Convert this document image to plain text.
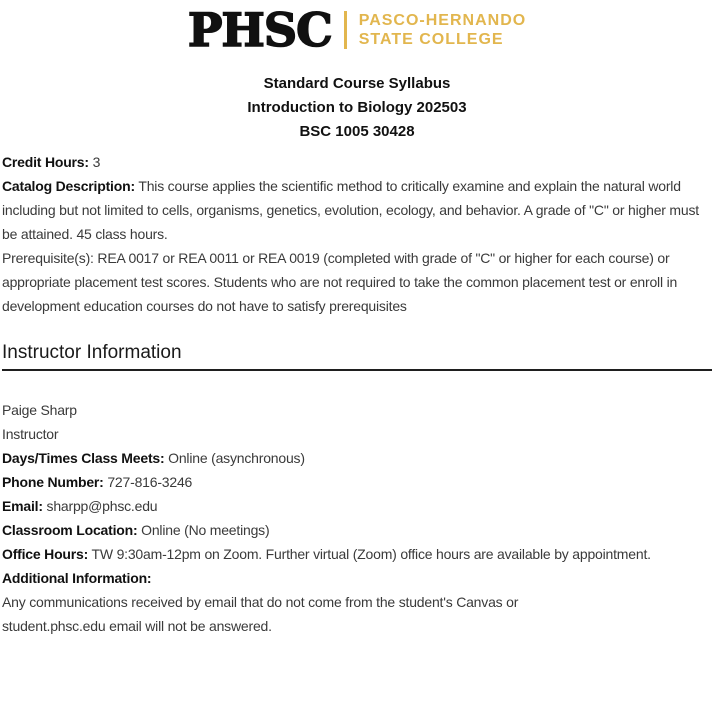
PHSC PASCO-HERNANDO
STATE COLLEGE
Standard Course Syllabus
Introduction to Biology 202503
BSC 1005 30428

Credit Hours: 3

Catalog Description: This course applies the scientific method to critically examine and explain the natural world including but not limited to cells, organisms, genetics, evolution, ecology, and behavior. A grade of "C" or higher must be attained. 45 class hours.

Prerequisite(s): REA 0017 or REA 0011 or REA 0019 (completed with grade of "C" or higher for each course) or appropriate placement test scores. Students who are not required to take the common placement test or enroll in development education courses do not have to satisfy prerequisites

Instructor Information

Paige Sharp

Instructor

Days/Times Class Meets: Online (asynchronous)

Phone Number: 727-816-3246

Email: sharpp@phsc.edu

Classroom Location: Online (No meetings)

Office Hours: TW 9:30am-12pm on Zoom. Further virtual (Zoom) office hours are available by appointment.

Additional Information:

Any communications received by email that do not come from the student's Canvas or

student.phsc.edu email will not be answered.
